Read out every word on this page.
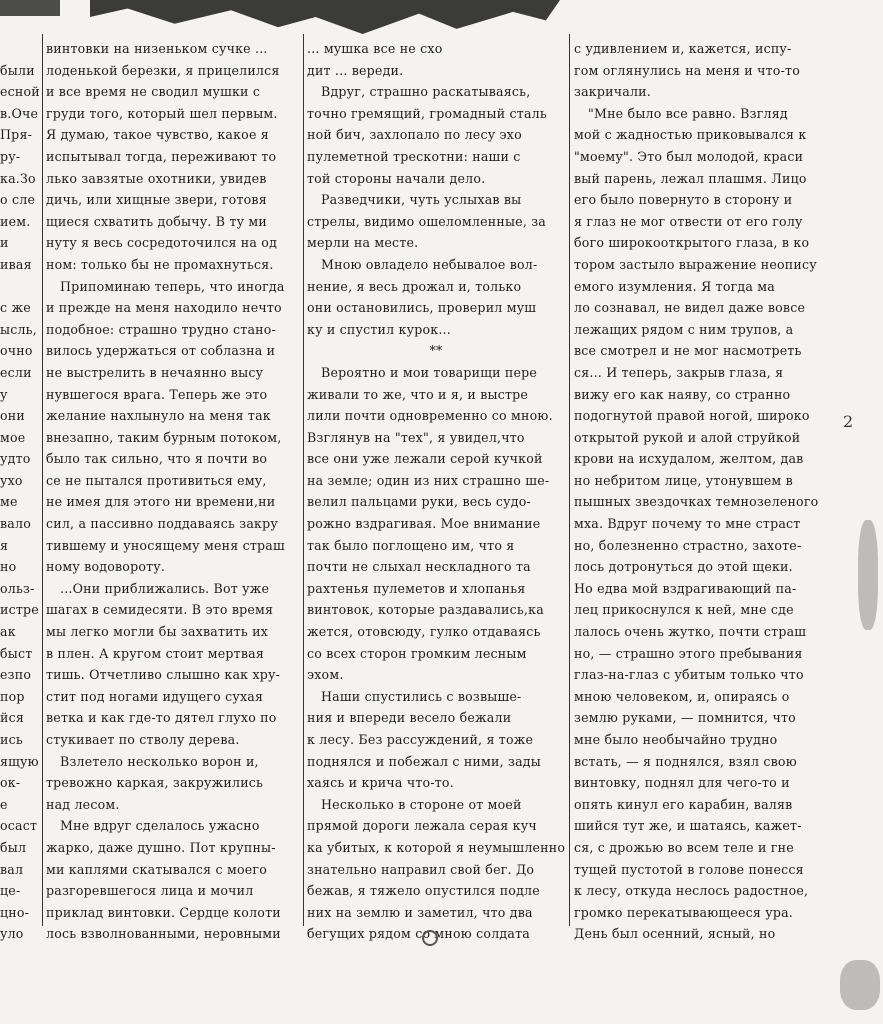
были

есной

в.Оче

Пря-

ру-

ка.Зо

о сле

ием.

и

ивая

с же

ысль,

очно

если

у

они

мое

удто

ухо

ме

вало

я

но

ольз-

истре

ак

быст

езпо

пор

йся

ись

ящую

ок-

е

осаст

был

вал

це-

цно-

уло

винтовки на низеньком сучке ...

лоденькой березки, я прицелился

и все время не сводил мушки с

груди того, который шел первым.

Я думаю, такое чувство, какое я

испытывал тогда, переживают то

лько завзятые охотники, увидев

дичь, или хищные звери, готовя

щиеся схватить добычу. В ту ми

нуту я весь сосредоточился на од

ном: только бы не промахнуться.

Припоминаю теперь, что иногда

и прежде на меня находило нечто

подобное: страшно трудно стано-

вилось удержаться от соблазна и

не выстрелить в нечаянно высу

нувшегося врага. Теперь же это

желание нахлынуло на меня так

внезапно, таким бурным потоком,

было так сильно, что я почти во

се не пытался противиться ему,

не имея для этого ни времени,ни

сил, а пассивно поддаваясь закру

тившему и уносящему меня страш

ному водовороту.

...Они приближались. Вот уже

шагах в семидесяти. В это время

мы легко могли бы захватить их

в плен. А кругом стоит мертвая

тишь. Отчетливо слышно как хру-

стит под ногами идущего сухая

ветка и как где-то дятел глухо по

стукивает по стволу дерева.

Взлетело несколько ворон и,

тревожно каркая, закружились

над лесом.

Мне вдруг сделалось ужасно

жарко, даже душно. Пот крупны-

ми каплями скатывался с моего

разгоревшегося лица и мочил

приклад винтовки. Сердце колоти

лось взволнованными, неровными

... мушка все не схо

дит ... вереди.

Вдруг, страшно раскатываясь,

точно гремящий, громадный сталь

ной бич, захлопало по лесу эхо

пулеметной трескотни: наши с

той стороны начали дело.

Разведчики, чуть услыхав вы

стрелы, видимо ошеломленные, за

мерли на месте.

Мною овладело небывалое вол-

нение, я весь дрожал и, только

они остановились, проверил муш

ку и спустил курок...

**

Вероятно и мои товарищи пере

живали то же, что и я, и выстре

лили почти одновременно со мною.

Взглянув на "тех", я увидел,что

все они уже лежали серой кучкой

на земле; один из них страшно ше-

велил пальцами руки, весь судо-

рожно вздрагивая. Мое внимание

так было поглощено им, что я

почти не слыхал нескладного та

рахтенья пулеметов и хлопанья

винтовок, которые раздавались,ка

жется, отовсюду, гулко отдаваясь

со всех сторон громким лесным

эхом.

Наши спустились с возвыше-

ния и впереди весело бежали

к лесу. Без рассуждений, я тоже

поднялся и побежал с ними, зады

хаясь и крича что-то.

Несколько в стороне от моей

прямой дороги лежала серая куч

ка убитых, к которой я неумышленно

знательно направил свой бег. До

бежав, я тяжело опустился подле

них на землю и заметил, что два

бегущих рядом со мною солдата

с удивлением и, кажется, испу-

гом оглянулись на меня и что-то

закричали.

"Мне было все равно. Взгляд

мой с жадностью приковывался к

"моему". Это был молодой, краси

вый парень, лежал плашмя. Лицо

его было повернуто в сторону и

я глаз не мог отвести от его голу

бого широкооткрытого глаза, в ко

тором застыло выражение неопису

емого изумления. Я тогда ма

ло сознавал, не видел даже вовсе

лежащих рядом с ним трупов, а

все смотрел и не мог насмотреть

ся... И теперь, закрыв глаза, я

вижу его как наяву, со странно

подогнутой правой ногой, широко

открытой рукой и алой струйкой

крови на исхудалом, желтом, дав

но небритом лице, утонувшем в

пышных звездочках темнозеленого

мха. Вдруг почему то мне страст

но, болезненно страстно, захоте-

лось дотронуться до этой щеки.

Но едва мой вздрагивающий па-

лец прикоснулся к ней, мне сде

лалось очень жутко, почти страш

но, — страшно этого пребывания

глаз-на-глаз с убитым только что

мною человеком, и, опираясь о

землю руками, — помнится, что

мне было необычайно трудно

встать, — я поднялся, взял свою

винтовку, поднял для чего-то и

опять кинул его карабин, валяв

шийся тут же, и шатаясь, кажет-

ся, с дрожью во всем теле и гне

тущей пустотой в голове понесся

к лесу, откуда неслось радостное,

громко перекатывающееся ура.

День был осенний, ясный, но

2
